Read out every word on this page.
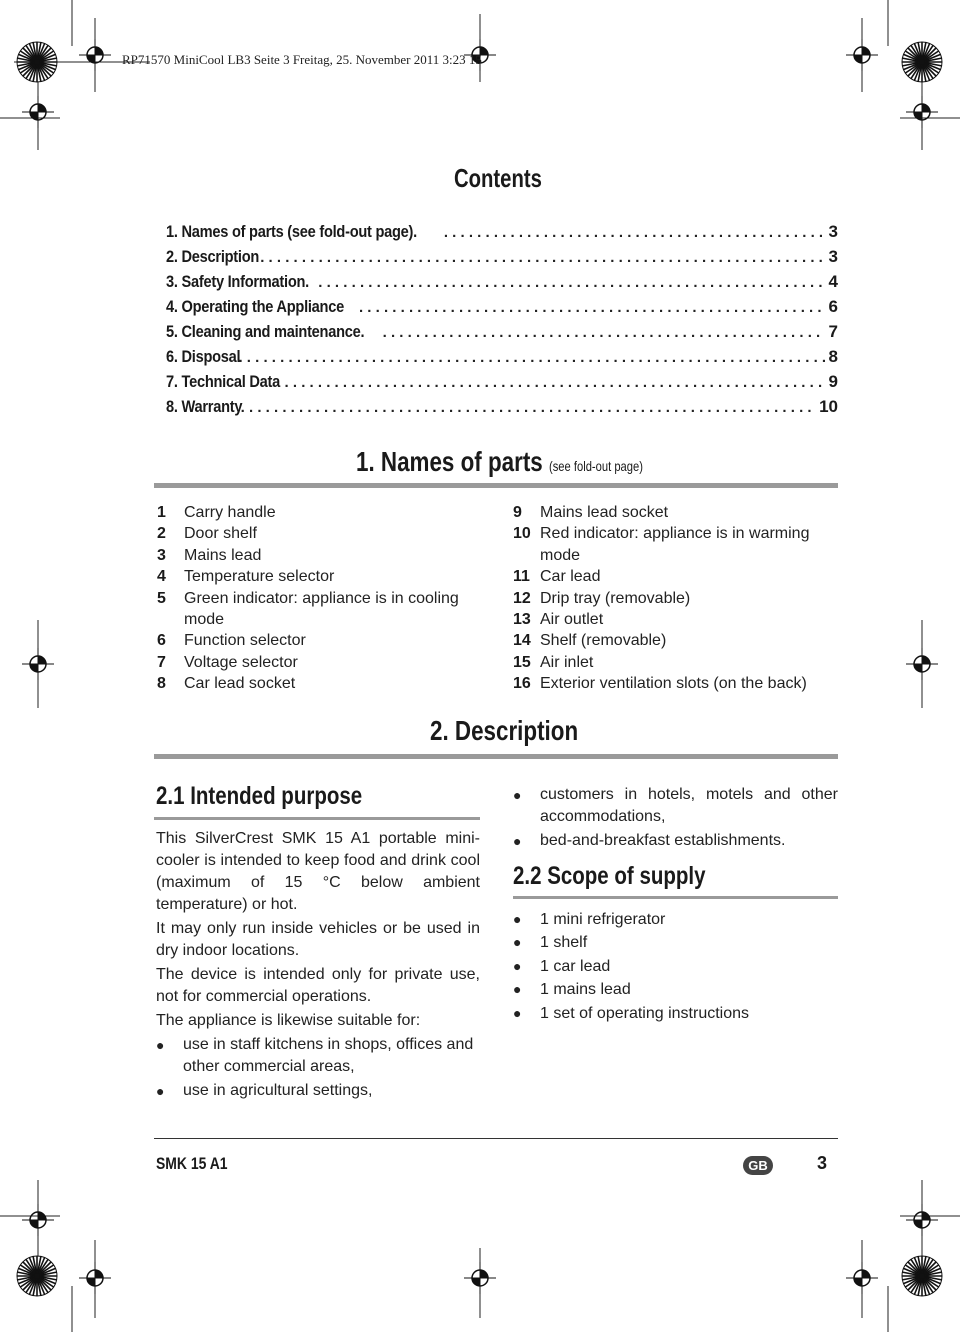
RP71570 MiniCool LB3 Seite 3 Freitag, 25. November 2011 3:23 15
Contents
1. Names of parts (see fold-out page). . . .	3
2. Description . . .	3
3. Safety Information. . . .	4
4. Operating the Appliance . . .	6
5. Cleaning and maintenance. . . .	7
6. Disposal . . .	8
7. Technical Data . . .	9
8. Warranty . . .	10
1. Names of parts (see fold-out page)
1	Carry handle
2	Door shelf
3	Mains lead
4	Temperature selector
5	Green indicator: appliance is in cooling mode
6	Function selector
7	Voltage selector
8	Car lead socket
9	Mains lead socket
10 Red indicator: appliance is in warming mode
11 Car lead
12 Drip tray (removable)
13 Air outlet
14 Shelf (removable)
15 Air inlet
16 Exterior ventilation slots (on the back)
2. Description
2.1 Intended purpose

This SilverCrest SMK 15 A1 portable mini-cooler is intended to keep food and drink cool (maximum of 15 °C below ambient temperature) or hot.

It may only run inside vehicles or be used in dry indoor locations.

The device is intended only for private use, not for commercial operations.

The appliance is likewise suitable for:

●	use in staff kitchens in shops, offices and other commercial areas,
●	use in agricultural settings,
●	customers in hotels, motels and other accommodations,
●	bed-and-breakfast establishments.
2.2 Scope of supply
●	1 mini refrigerator
●	1 shelf
●	1 car lead
●	1 mains lead
●	1 set of operating instructions
SMK 15 A1	GB	3
